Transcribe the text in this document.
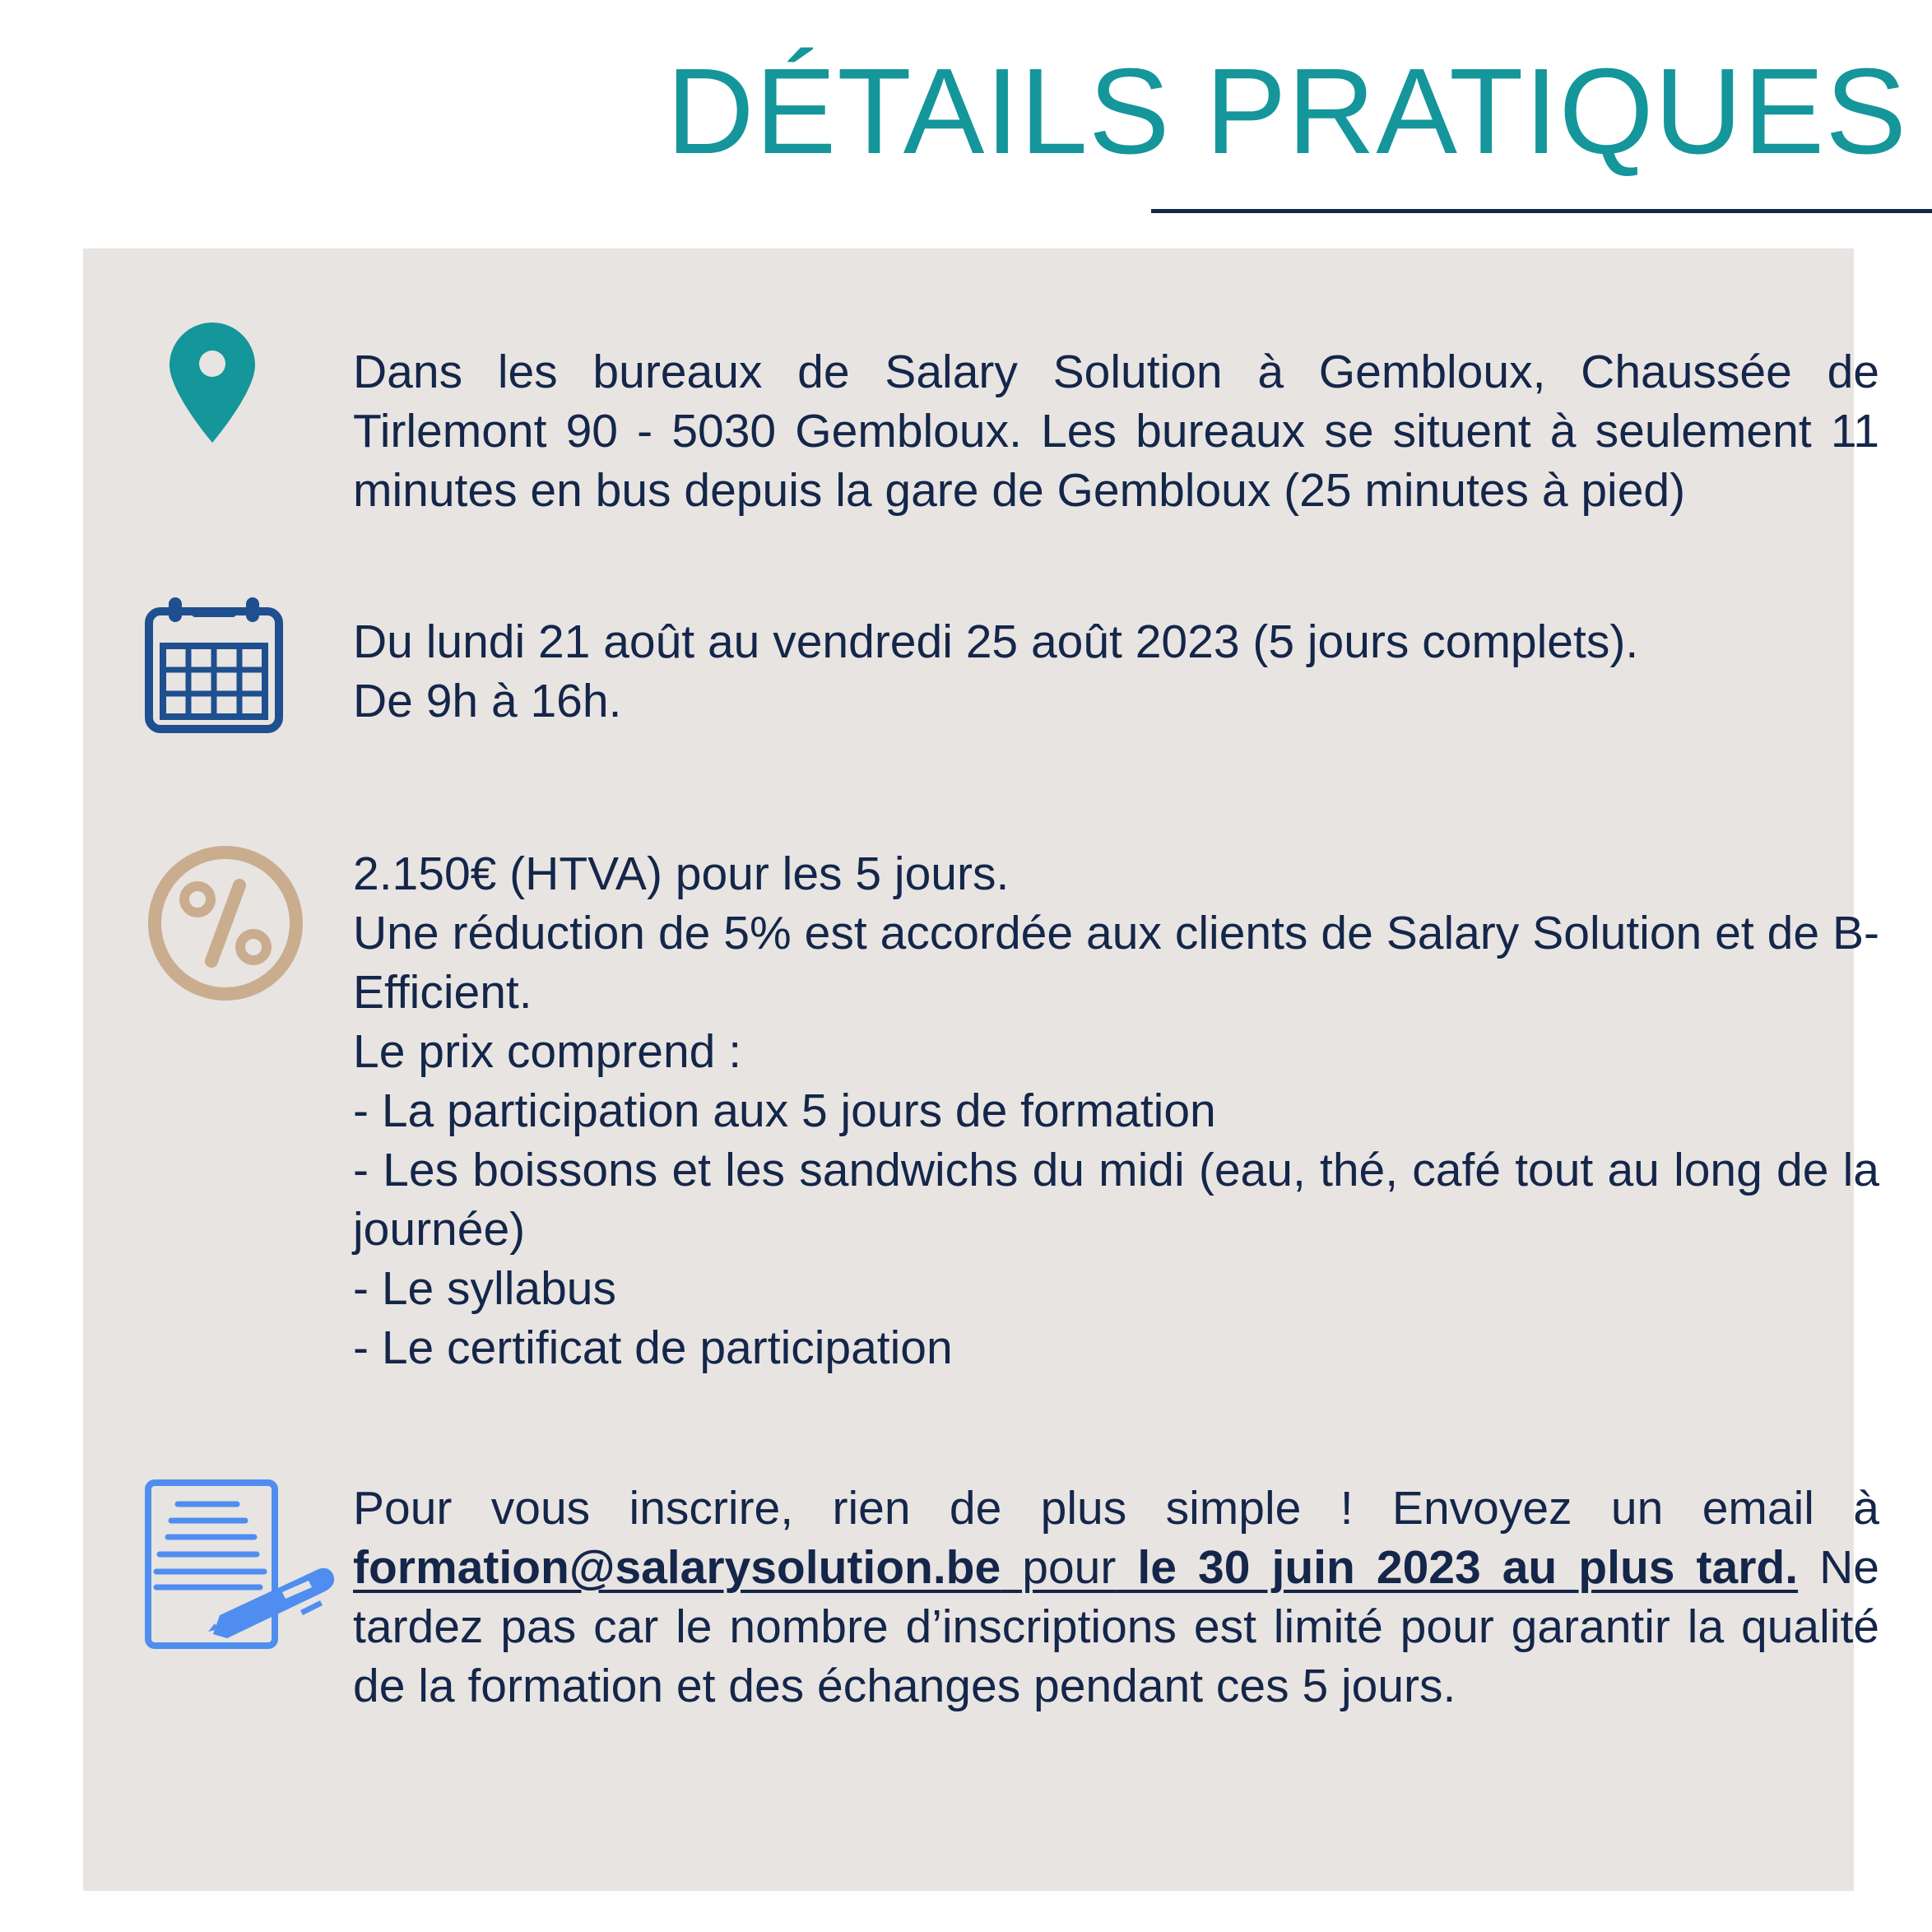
DÉTAILS PRATIQUES
Dans les bureaux de Salary Solution à Gembloux, Chaussée de Tirlemont 90 - 5030 Gembloux. Les bureaux se situent à seulement 11 minutes en bus depuis la gare de Gembloux (25 minutes à pied)

Du lundi 21 août au vendredi 25 août 2023 (5 jours complets).

De 9h à 16h.

2.150€ (HTVA) pour les 5 jours.

Une réduction de 5% est accordée aux clients de Salary Solution et de B-Efficient.

Le prix comprend :

- La participation aux 5 jours de formation

- Les boissons et les sandwichs du midi (eau, thé, café tout au long de la journée)

- Le syllabus

- Le certificat de participation

Pour vous inscrire, rien de plus simple ! Envoyez un email à formation@salarysolution.be pour le 30 juin 2023 au plus tard. Ne tardez pas car le nombre d’inscriptions est limité pour garantir la qualité de la formation et des échanges pendant ces 5 jours.
